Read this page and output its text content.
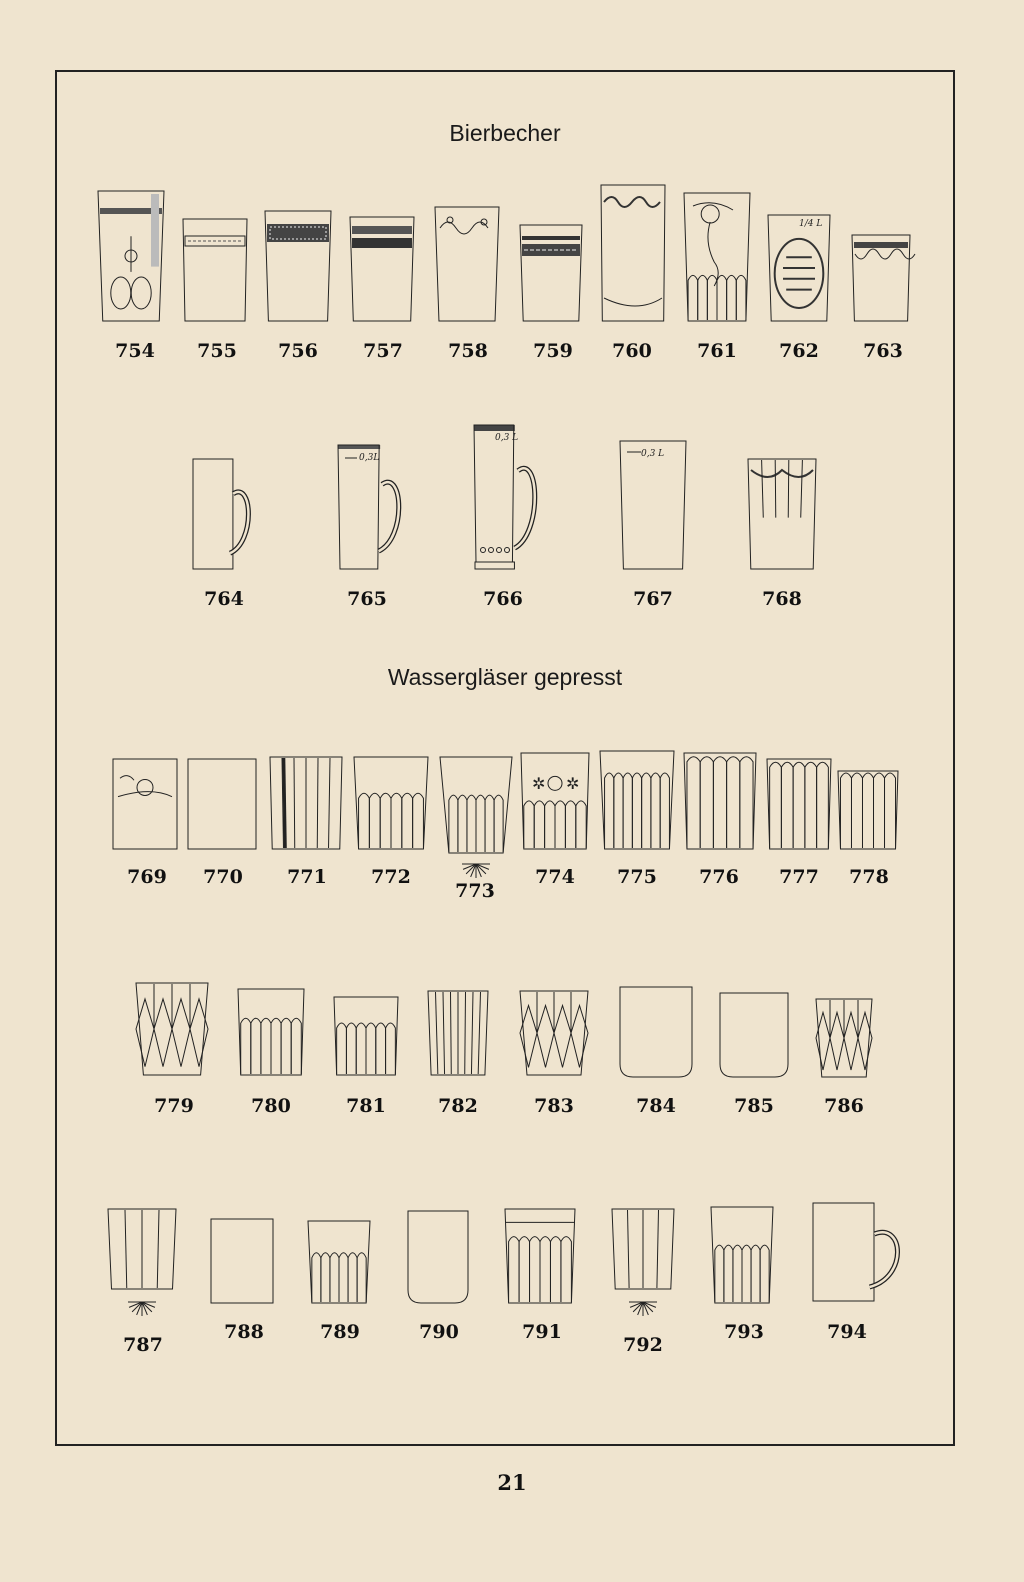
Bierbecher
Wassergläser gepresst
754	755	756	757	758	759	760	761
1/4 L
762	763
764
0,3L
765
0,3 L
766
0,3 L
767	768
769	770	771	772
773
✲ ✲
774	775	776	777	778
779	780	781	782	783	784	785	786
787
788	789	790	791
792
793	794
21
